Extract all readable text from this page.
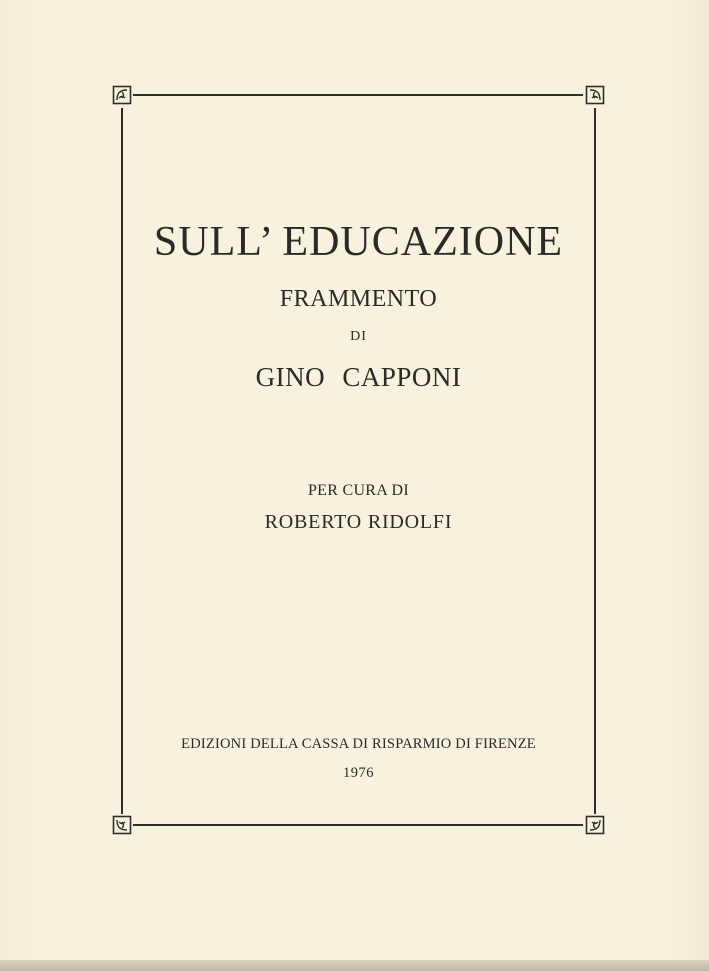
SULL’ EDUCAZIONE
FRAMMENTO
DI
GINO CAPPONI
PER CURA DI
ROBERTO RIDOLFI
EDIZIONI DELLA CASSA DI RISPARMIO DI FIRENZE
1976
